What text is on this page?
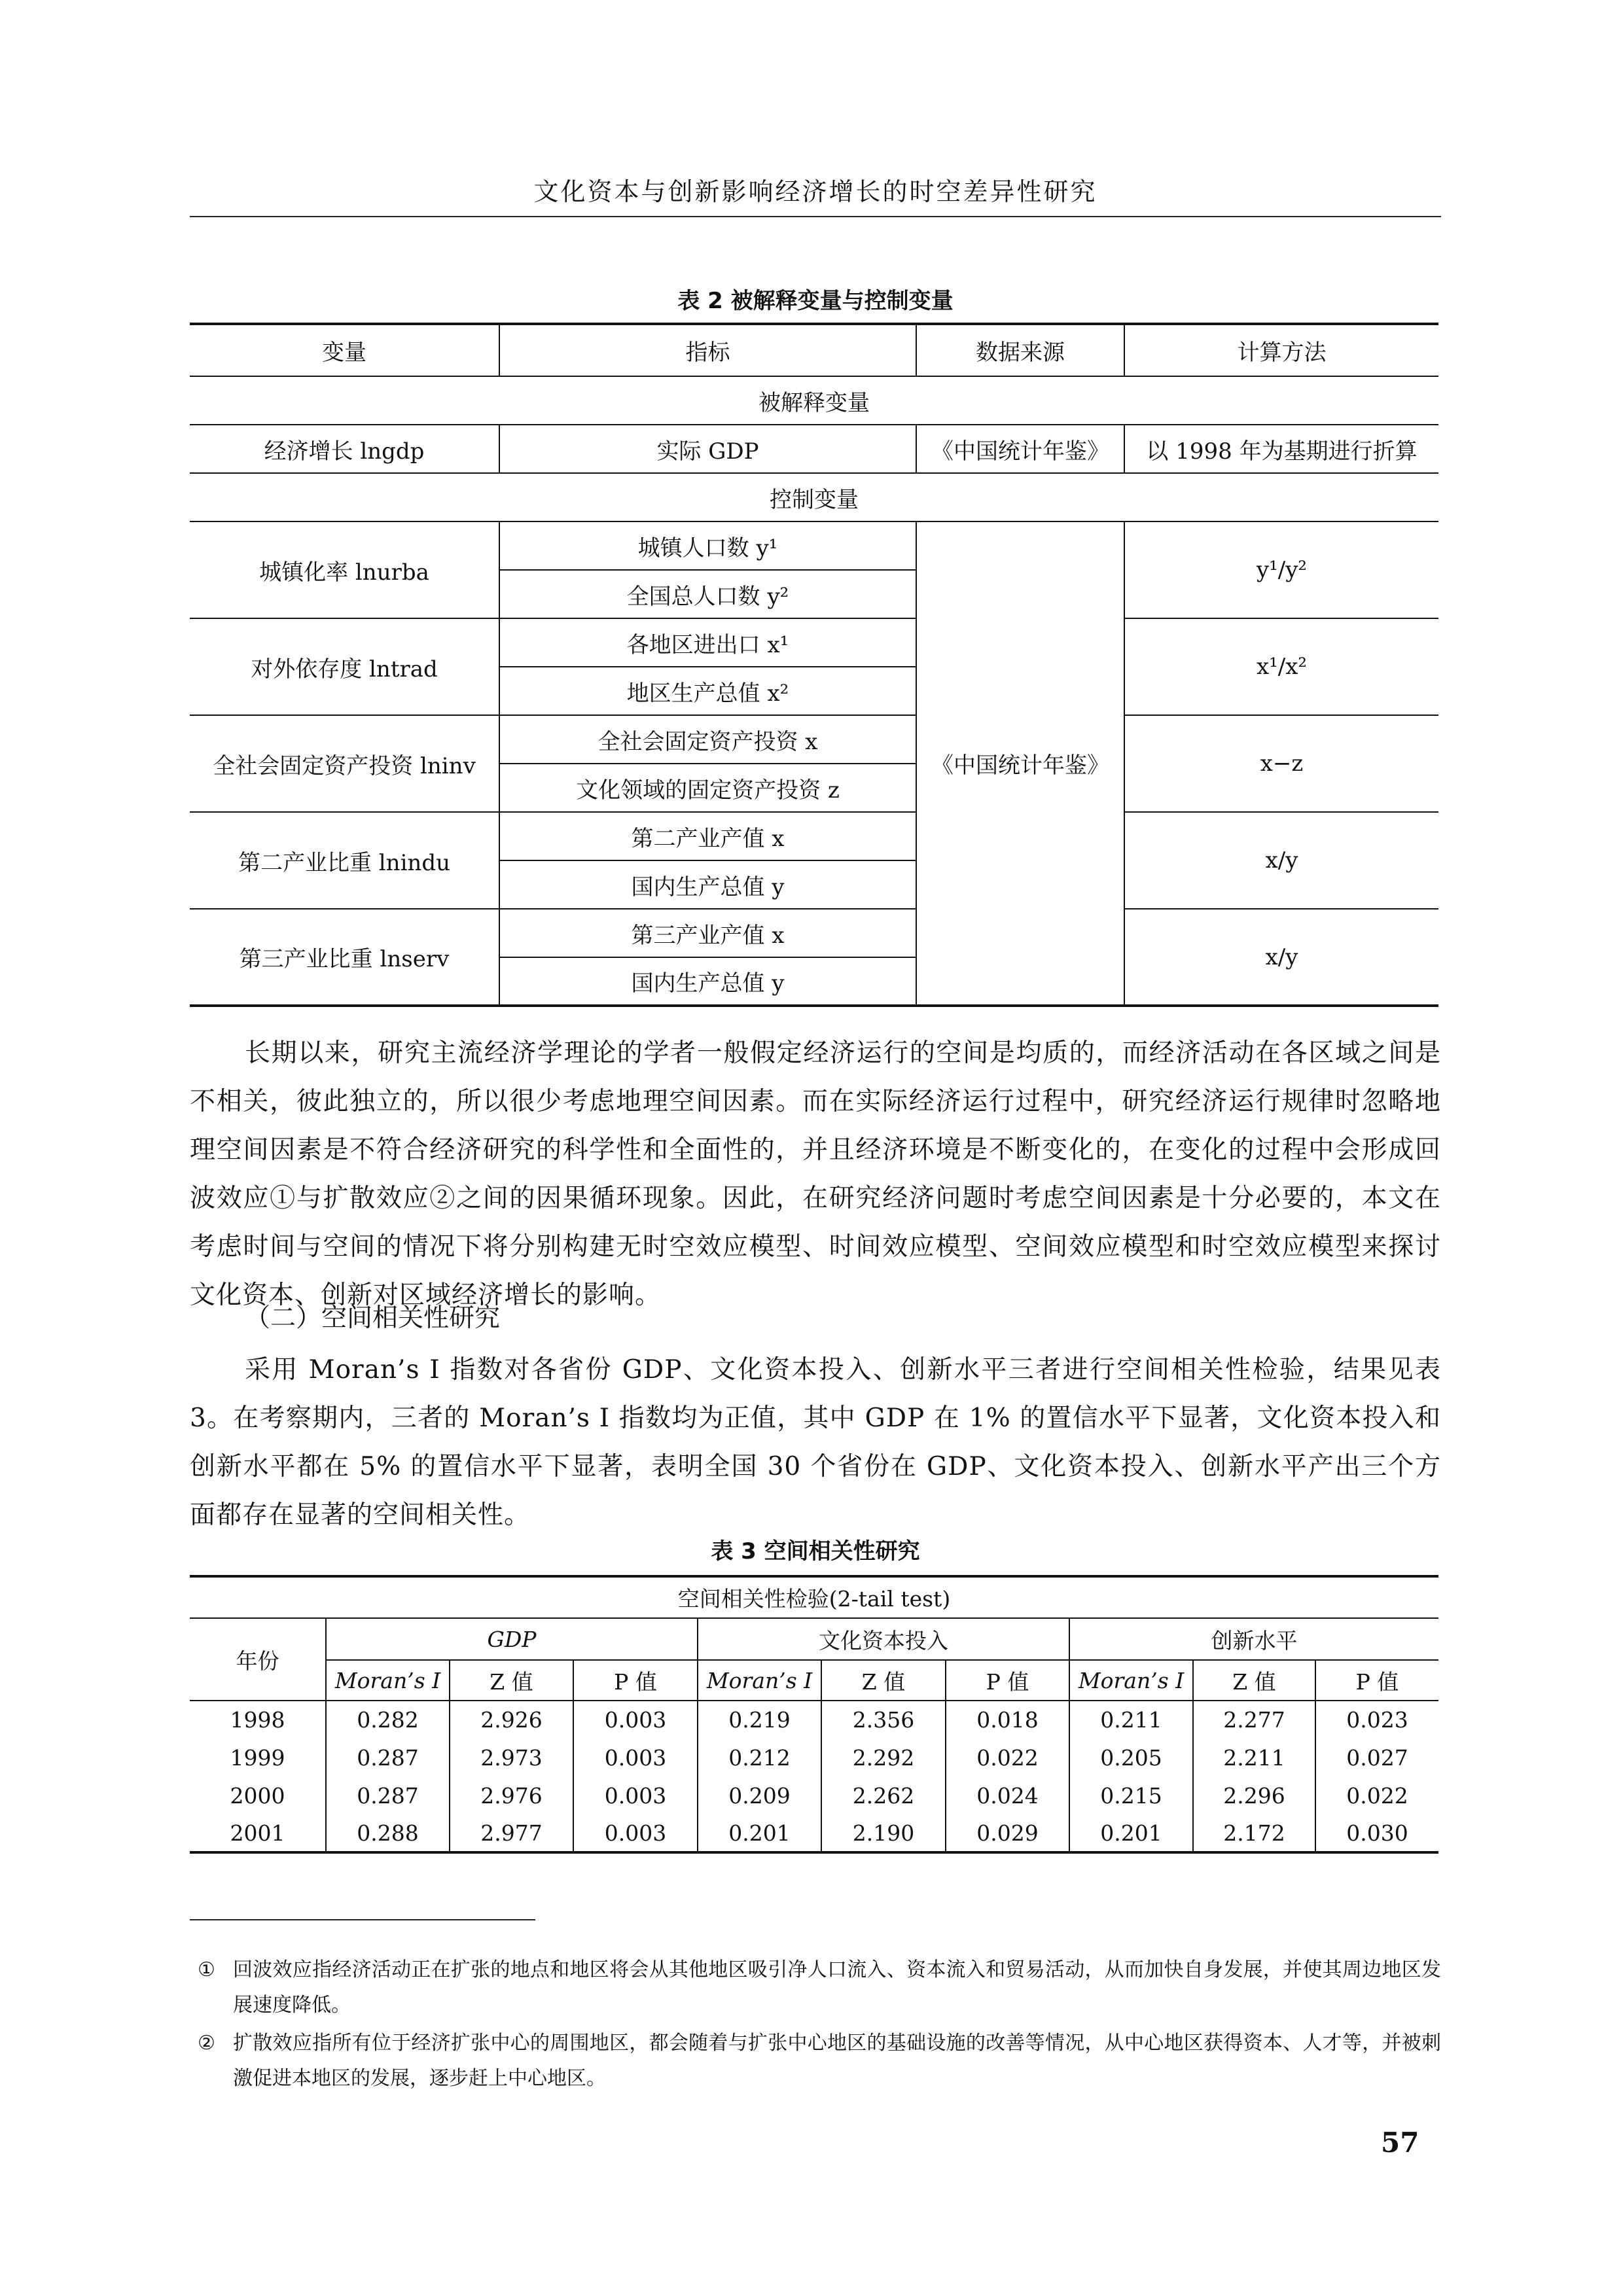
文化资本与创新影响经济增长的时空差异性研究
表 2 被解释变量与控制变量
变量	指标	数据来源	计算方法
被解释变量			
经济增长 lngdp	实际 GDP	《中国统计年鉴》	以 1998 年为基期进行折算
控制变量			
城镇化率 lnurba	城镇人口数 y¹	《中国统计年鉴》	y¹/y²
	全国总人口数 y²		
对外依存度 lntrad	各地区进出口 x¹		x¹/x²
	地区生产总值 x²		
全社会固定资产投资 lninv	全社会固定资产投资 x		x−z
	文化领域的固定资产投资 z		
第二产业比重 lnindu	第二产业产值 x		x/y
	国内生产总值 y		
第三产业比重 lnserv	第三产业产值 x		x/y
	国内生产总值 y		
长期以来，研究主流经济学理论的学者一般假定经济运行的空间是均质的，而经济活动在各区域之间是不相关，彼此独立的，所以很少考虑地理空间因素。而在实际经济运行过程中，研究经济运行规律时忽略地理空间因素是不符合经济研究的科学性和全面性的，并且经济环境是不断变化的，在变化的过程中会形成回波效应①与扩散效应②之间的因果循环现象。因此，在研究经济问题时考虑空间因素是十分必要的，本文在考虑时间与空间的情况下将分别构建无时空效应模型、时间效应模型、空间效应模型和时空效应模型来探讨文化资本、创新对区域经济增长的影响。
（二）空间相关性研究
采用 Moran’s I 指数对各省份 GDP、文化资本投入、创新水平三者进行空间相关性检验，结果见表 3。在考察期内，三者的 Moran’s I 指数均为正值，其中 GDP 在 1% 的置信水平下显著，文化资本投入和创新水平都在 5% 的置信水平下显著，表明全国 30 个省份在 GDP、文化资本投入、创新水平产出三个方面都存在显著的空间相关性。
表 3 空间相关性研究
空间相关性检验(2-tail test)									
年份	GDP			文化资本投入			创新水平		
	Moran’s I	Z 值	P 值	Moran’s I	Z 值	P 值	Moran’s I	Z 值	P 值
1998	0.282	2.926	0.003	0.219	2.356	0.018	0.211	2.277	0.023
1999	0.287	2.973	0.003	0.212	2.292	0.022	0.205	2.211	0.027
2000	0.287	2.976	0.003	0.209	2.262	0.024	0.215	2.296	0.022
2001	0.288	2.977	0.003	0.201	2.190	0.029	0.201	2.172	0.030
① 回波效应指经济活动正在扩张的地点和地区将会从其他地区吸引净人口流入、资本流入和贸易活动，从而加快自身发展，并使其周边地区发展速度降低。
② 扩散效应指所有位于经济扩张中心的周围地区，都会随着与扩张中心地区的基础设施的改善等情况，从中心地区获得资本、人才等，并被刺激促进本地区的发展，逐步赶上中心地区。
57
